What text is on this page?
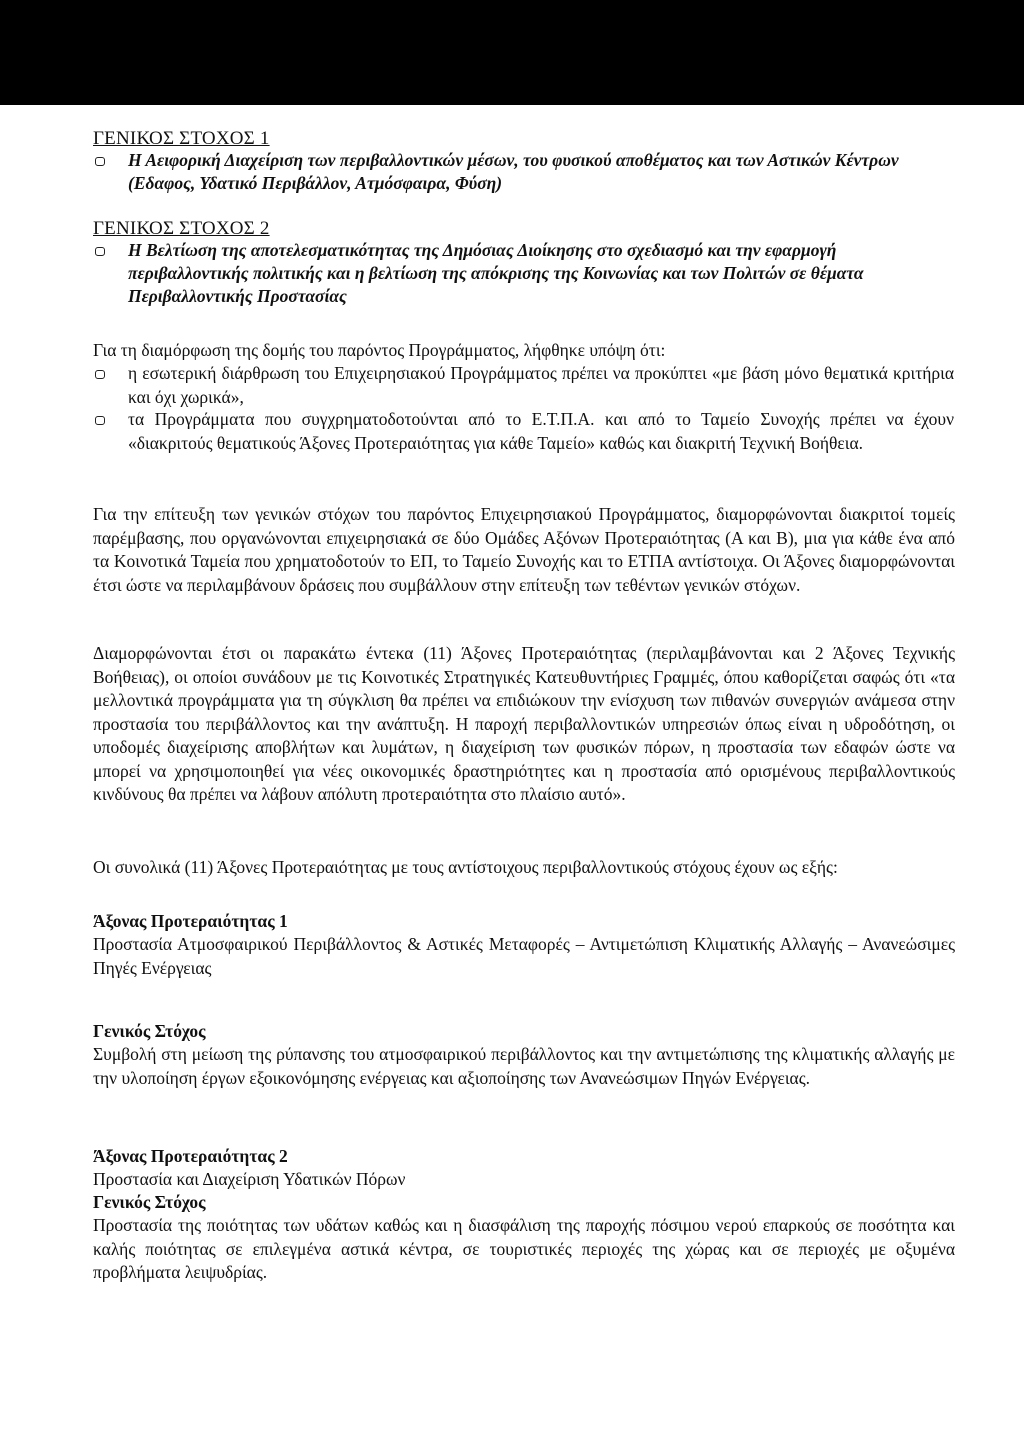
ΓΕΝΙΚΟΣ ΣΤΟΧΟΣ 1
Η Αειφορική Διαχείριση των περιβαλλοντικών μέσων, του φυσικού αποθέματος και των Αστικών Κέντρων (Εδαφος, Υδατικό Περιβάλλον, Ατμόσφαιρα, Φύση)
ΓΕΝΙΚΟΣ ΣΤΟΧΟΣ 2
Η Βελτίωση της αποτελεσματικότητας της Δημόσιας Διοίκησης στο σχεδιασμό και την εφαρμογή περιβαλλοντικής πολιτικής και η βελτίωση της απόκρισης της Κοινωνίας και των Πολιτών σε θέματα Περιβαλλοντικής Προστασίας
Για τη διαμόρφωση της δομής του παρόντος Προγράμματος, λήφθηκε υπόψη ότι:
η εσωτερική διάρθρωση του Επιχειρησιακού Προγράμματος πρέπει να προκύπτει «με βάση μόνο θεματικά κριτήρια και όχι χωρικά»,
τα Προγράμματα που συγχρηματοδοτούνται από το Ε.Τ.Π.Α. και από το Ταμείο Συνοχής πρέπει να έχουν «διακριτούς θεματικούς Άξονες Προτεραιότητας για κάθε Ταμείο» καθώς και διακριτή Τεχνική Βοήθεια.
Για την επίτευξη των γενικών στόχων του παρόντος Επιχειρησιακού Προγράμματος, διαμορφώνονται διακριτοί τομείς παρέμβασης, που οργανώνονται επιχειρησιακά σε δύο Ομάδες Αξόνων Προτεραιότητας (Α και Β), μια για κάθε ένα από τα Κοινοτικά Ταμεία που χρηματοδοτούν το ΕΠ, το Ταμείο Συνοχής και το ΕΤΠΑ αντίστοιχα. Οι Άξονες διαμορφώνονται έτσι ώστε να περιλαμβάνουν δράσεις που συμβάλλουν στην επίτευξη των τεθέντων γενικών στόχων.
Διαμορφώνονται έτσι οι παρακάτω έντεκα (11) Άξονες Προτεραιότητας (περιλαμβάνονται και 2 Άξονες Τεχνικής Βοήθειας), οι οποίοι συνάδουν με τις Κοινοτικές Στρατηγικές Κατευθυντήριες Γραμμές, όπου καθορίζεται σαφώς ότι «τα μελλοντικά προγράμματα για τη σύγκλιση θα πρέπει να επιδιώκουν την ενίσχυση των πιθανών συνεργιών ανάμεσα στην προστασία του περιβάλλοντος και την ανάπτυξη. Η παροχή περιβαλλοντικών υπηρεσιών όπως είναι η υδροδότηση, οι υποδομές διαχείρισης αποβλήτων και λυμάτων, η διαχείριση των φυσικών πόρων, η προστασία των εδαφών ώστε να μπορεί να χρησιμοποιηθεί για νέες οικονομικές δραστηριότητες και η προστασία από ορισμένους περιβαλλοντικούς κινδύνους θα πρέπει να λάβουν απόλυτη προτεραιότητα στο πλαίσιο αυτό».
Οι συνολικά (11) Άξονες Προτεραιότητας με τους αντίστοιχους περιβαλλοντικούς στόχους έχουν ως εξής:
Άξονας Προτεραιότητας 1
Προστασία Ατμοσφαιρικού Περιβάλλοντος & Αστικές Μεταφορές – Αντιμετώπιση Κλιματικής Αλλαγής – Ανανεώσιμες Πηγές Ενέργειας
Γενικός Στόχος
Συμβολή στη μείωση της ρύπανσης του ατμοσφαιρικού περιβάλλοντος και την αντιμετώπισης της κλιματικής αλλαγής με την υλοποίηση έργων εξοικονόμησης ενέργειας και αξιοποίησης των Ανανεώσιμων Πηγών Ενέργειας.
Άξονας Προτεραιότητας 2
Προστασία και Διαχείριση Υδατικών Πόρων
Γενικός Στόχος
Προστασία της ποιότητας των υδάτων καθώς και η διασφάλιση της παροχής πόσιμου νερού επαρκούς σε ποσότητα και καλής ποιότητας σε επιλεγμένα αστικά κέντρα, σε τουριστικές περιοχές της χώρας και σε περιοχές με οξυμένα προβλήματα λειψυδρίας.
